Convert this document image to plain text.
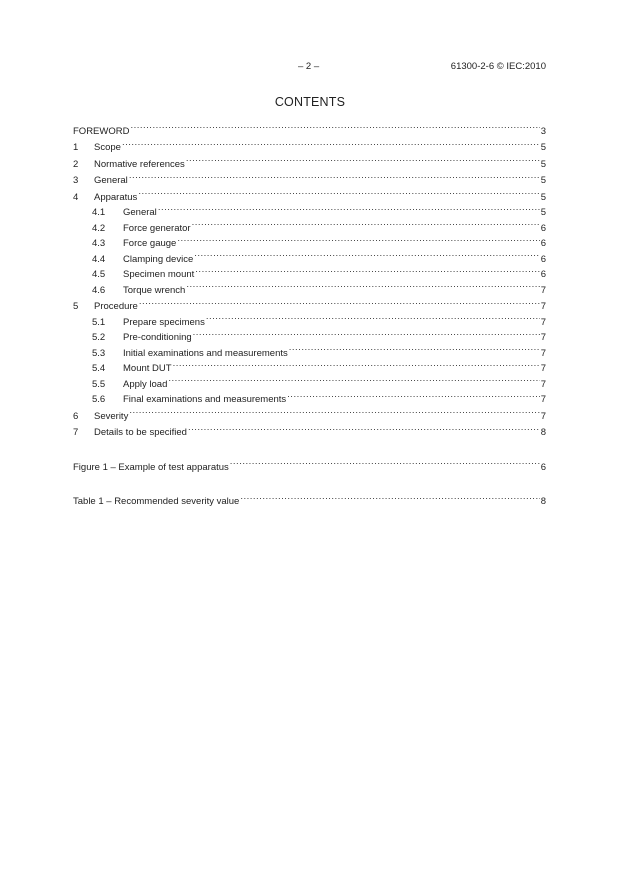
– 2 –	61300-2-6 © IEC:2010
CONTENTS
FOREWORD .....	3
1	Scope .....	5
2	Normative references .....	5
3	General .....	5
4	Apparatus .....	5
4.1	General .....	5
4.2	Force generator .....	6
4.3	Force gauge .....	6
4.4	Clamping device .....	6
4.5	Specimen mount .....	6
4.6	Torque wrench .....	7
5	Procedure .....	7
5.1	Prepare specimens .....	7
5.2	Pre-conditioning .....	7
5.3	Initial examinations and measurements .....	7
5.4	Mount DUT .....	7
5.5	Apply load .....	7
5.6	Final examinations and measurements .....	7
6	Severity .....	7
7	Details to be specified .....	8
Figure 1 – Example of test apparatus .....	6
Table 1 – Recommended severity value .....	8
